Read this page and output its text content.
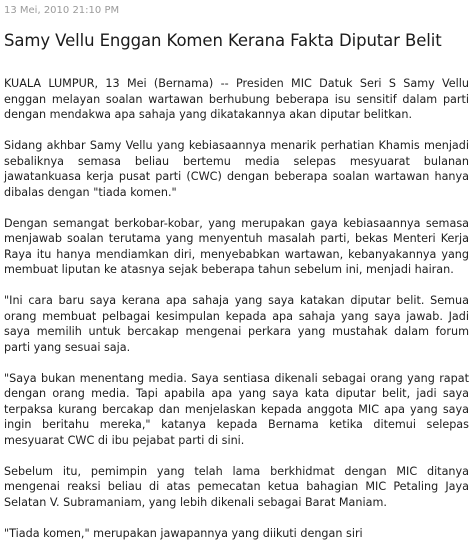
13 Mei, 2010 21:10 PM
Samy Vellu Enggan Komen Kerana Fakta Diputar Belit

KUALA LUMPUR, 13 Mei (Bernama) -- Presiden MIC Datuk Seri S Samy Vellu enggan melayan soalan wartawan berhubung beberapa isu sensitif dalam parti dengan mendakwa apa sahaja yang dikatakannya akan diputar belitkan.

Sidang akhbar Samy Vellu yang kebiasaannya menarik perhatian Khamis menjadi sebaliknya semasa beliau bertemu media selepas mesyuarat bulanan jawatankuasa kerja pusat parti (CWC) dengan beberapa soalan wartawan hanya dibalas dengan "tiada komen."

Dengan semangat berkobar-kobar, yang merupakan gaya kebiasaannya semasa menjawab soalan terutama yang menyentuh masalah parti, bekas Menteri Kerja Raya itu hanya mendiamkan diri, menyebabkan wartawan, kebanyakannya yang membuat liputan ke atasnya sejak beberapa tahun sebelum ini, menjadi hairan.

"Ini cara baru saya kerana apa sahaja yang saya katakan diputar belit. Semua orang membuat pelbagai kesimpulan kepada apa sahaja yang saya jawab. Jadi saya memilih untuk bercakap mengenai perkara yang mustahak dalam forum parti yang sesuai saja.

"Saya bukan menentang media. Saya sentiasa dikenali sebagai orang yang rapat dengan orang media. Tapi apabila apa yang saya kata diputar belit, jadi saya terpaksa kurang bercakap dan menjelaskan kepada anggota MIC apa yang saya ingin beritahu mereka," katanya kepada Bernama ketika ditemui selepas mesyuarat CWC di ibu pejabat parti di sini.

Sebelum itu, pemimpin yang telah lama berkhidmat dengan MIC ditanya mengenai reaksi beliau di atas pemecatan ketua bahagian MIC Petaling Jaya Selatan V. Subramaniam, yang lebih dikenali sebagai Barat Maniam.

"Tiada komen," merupakan jawapannya yang diikuti dengan siri
